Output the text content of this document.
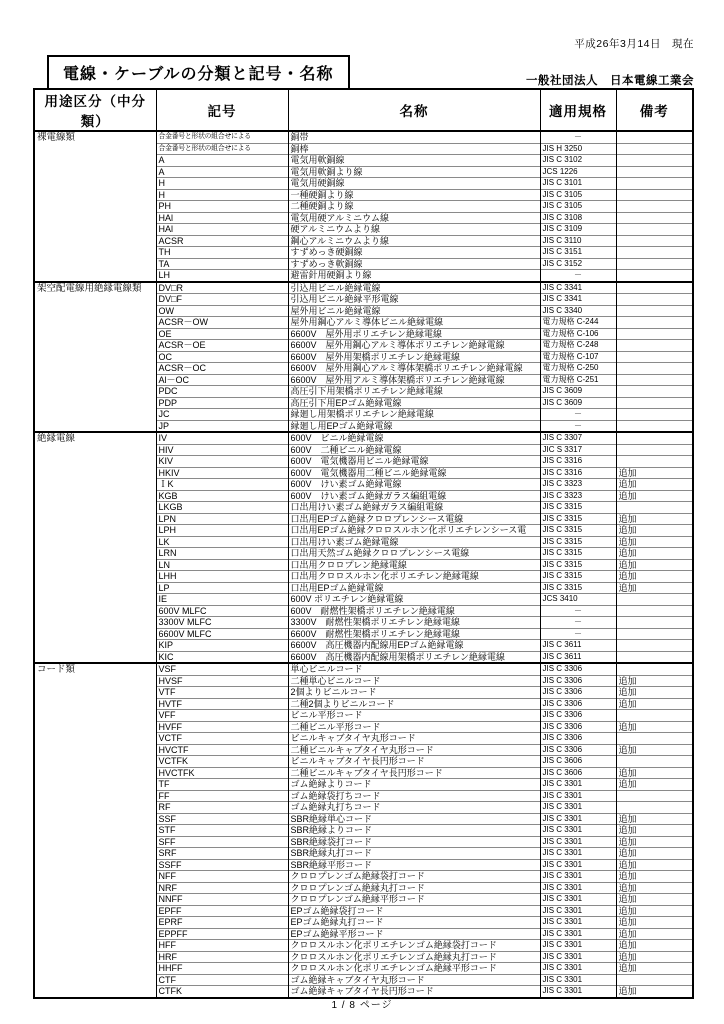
平成26年3月14日　現在
電線・ケーブルの分類と記号・名称	一般社団法人　日本電線工業会
用途区分（中分類）	記号	名称	適用規格	備考
裸電線類	合金番号と形状の組合せによる	銅帯	－	
	合金番号と形状の組合せによる	銅棒	JIS H 3250	
	A	電気用軟銅線	JIS C 3102	
	A	電気用軟銅より線	JCS 1226	
	H	電気用硬銅線	JIS C 3101	
	H	一種硬銅より線	JIS C 3105	
	PH	二種硬銅より線	JIS C 3105	
	HAl	電気用硬アルミニウム線	JIS C 3108	
	HAl	硬アルミニウムより線	JIS C 3109	
	ACSR	鋼心アルミニウムより線	JIS C 3110	
	TH	すずめっき硬銅線	JIS C 3151	
	TA	すずめっき軟銅線	JIS C 3152	
	LH	避雷針用硬銅より線	－	
架空配電線用絶縁電線類	DV□R	引込用ビニル絶縁電線	JIS C 3341	
	DV□F	引込用ビニル絶縁平形電線	JIS C 3341	
	OW	屋外用ビニル絶縁電線	JIS C 3340	
	ACSR－OW	屋外用鋼心アルミ導体ビニル絶縁電線	電力規格 C-244	
	OE	6600V　屋外用ポリエチレン絶縁電線	電力規格 C-106	
	ACSR－OE	6600V　屋外用鋼心アルミ導体ポリエチレン絶縁電線	電力規格 C-248	
	OC	6600V　屋外用架橋ポリエチレン絶縁電線	電力規格 C-107	
	ACSR－OC	6600V　屋外用鋼心アルミ導体架橋ポリエチレン絶縁電線	電力規格 C-250	
	Al－OC	6600V　屋外用アルミ導体架橋ポリエチレン絶縁電線	電力規格 C-251	
	PDC	高圧引下用架橋ポリエチレン絶縁電線	JIS C 3609	
	PDP	高圧引下用EPゴム絶縁電線	JIS C 3609	
	JC	縁廻し用架橋ポリエチレン絶縁電線	－	
	JP	縁廻し用EPゴム絶縁電線	－	
絶縁電線	IV	600V　ビニル絶縁電線	JIS C 3307	
	HIV	600V　二種ビニル絶縁電線	JIC S 3317	
	KIV	600V　電気機器用ビニル絶縁電線	JIS C 3316	
	HKIV	600V　電気機器用二種ビニル絶縁電線	JIS C 3316	追加
	ＩK	600V　けい素ゴム絶縁電線	JIS C 3323	追加
	KGB	600V　けい素ゴム絶縁ガラス編組電線	JIS C 3323	追加
	LKGB	口出用けい素ゴム絶縁ガラス編組電線	JIS C 3315	
	LPN	口出用EPゴム絶縁クロロプレンシース電線	JIS C 3315	追加
	LPH	口出用EPゴム絶縁クロロスルホン化ポリエチレンシース電	JIS C 3315	追加
	LK	口出用けい素ゴム絶縁電線	JIS C 3315	追加
	LRN	口出用天然ゴム絶縁クロロプレンシース電線	JIS C 3315	追加
	LN	口出用クロロプレン絶縁電線	JIS C 3315	追加
	LHH	口出用クロロスルホン化ポリエチレン絶縁電線	JIS C 3315	追加
	LP	口出用EPゴム絶縁電線	JIS C 3315	追加
	IE	600V ポリエチレン絶縁電線	JCS 3410	
	600V MLFC	600V　耐燃性架橋ポリエチレン絶縁電線	－	
	3300V MLFC	3300V　耐燃性架橋ポリエチレン絶縁電線	－	
	6600V MLFC	6600V　耐燃性架橋ポリエチレン絶縁電線	－	
	KIP	6600V　高圧機器内配線用EPゴム絶縁電線	JIS C 3611	
	KIC	6600V　高圧機器内配線用架橋ポリエチレン絶縁電線	JIS C 3611	
コード類	VSF	単心ビニルコード	JIS C 3306	
	HVSF	二種単心ビニルコード	JIS C 3306	追加
	VTF	2個よりビニルコード	JIS C 3306	追加
	HVTF	二種2個よりビニルコード	JIS C 3306	追加
	VFF	ビニル平形コード	JIS C 3306	
	HVFF	二種ビニル平形コード	JIS C 3306	追加
	VCTF	ビニルキャブタイヤ丸形コード	JIS C 3306	
	HVCTF	二種ビニルキャブタイヤ丸形コード	JIS C 3306	追加
	VCTFK	ビニルキャブタイヤ長円形コード	JIS C 3606	
	HVCTFK	二種ビニルキャブタイヤ長円形コード	JIS C 3606	追加
	TF	ゴム絶縁よりコード	JIS C 3301	追加
	FF	ゴム絶縁袋打ちコード	JIS C 3301	
	RF	ゴム絶縁丸打ちコード	JIS C 3301	
	SSF	SBR絶縁単心コード	JIS C 3301	追加
	STF	SBR絶縁よりコード	JIS C 3301	追加
	SFF	SBR絶縁袋打コード	JIS C 3301	追加
	SRF	SBR絶縁丸打コード	JIS C 3301	追加
	SSFF	SBR絶縁平形コード	JIS C 3301	追加
	NFF	クロロプレンゴム絶縁袋打コード	JIS C 3301	追加
	NRF	クロロプレンゴム絶縁丸打コード	JIS C 3301	追加
	NNFF	クロロプレンゴム絶縁平形コード	JIS C 3301	追加
	EPFF	EPゴム絶縁袋打コード	JIS C 3301	追加
	EPRF	EPゴム絶縁丸打コード	JIS C 3301	追加
	EPPFF	EPゴム絶縁平形コード	JIS C 3301	追加
	HFF	クロロスルホン化ポリエチレンゴム絶縁袋打コード	JIS C 3301	追加
	HRF	クロロスルホン化ポリエチレンゴム絶縁丸打コード	JIS C 3301	追加
	HHFF	クロロスルホン化ポリエチレンゴム絶縁平形コード	JIS C 3301	追加
	CTF	ゴム絶縁キャブタイヤ丸形コード	JIS C 3301	
	CTFK	ゴム絶縁キャブタイヤ長円形コード	JIS C 3301	追加
1 / 8 ページ
